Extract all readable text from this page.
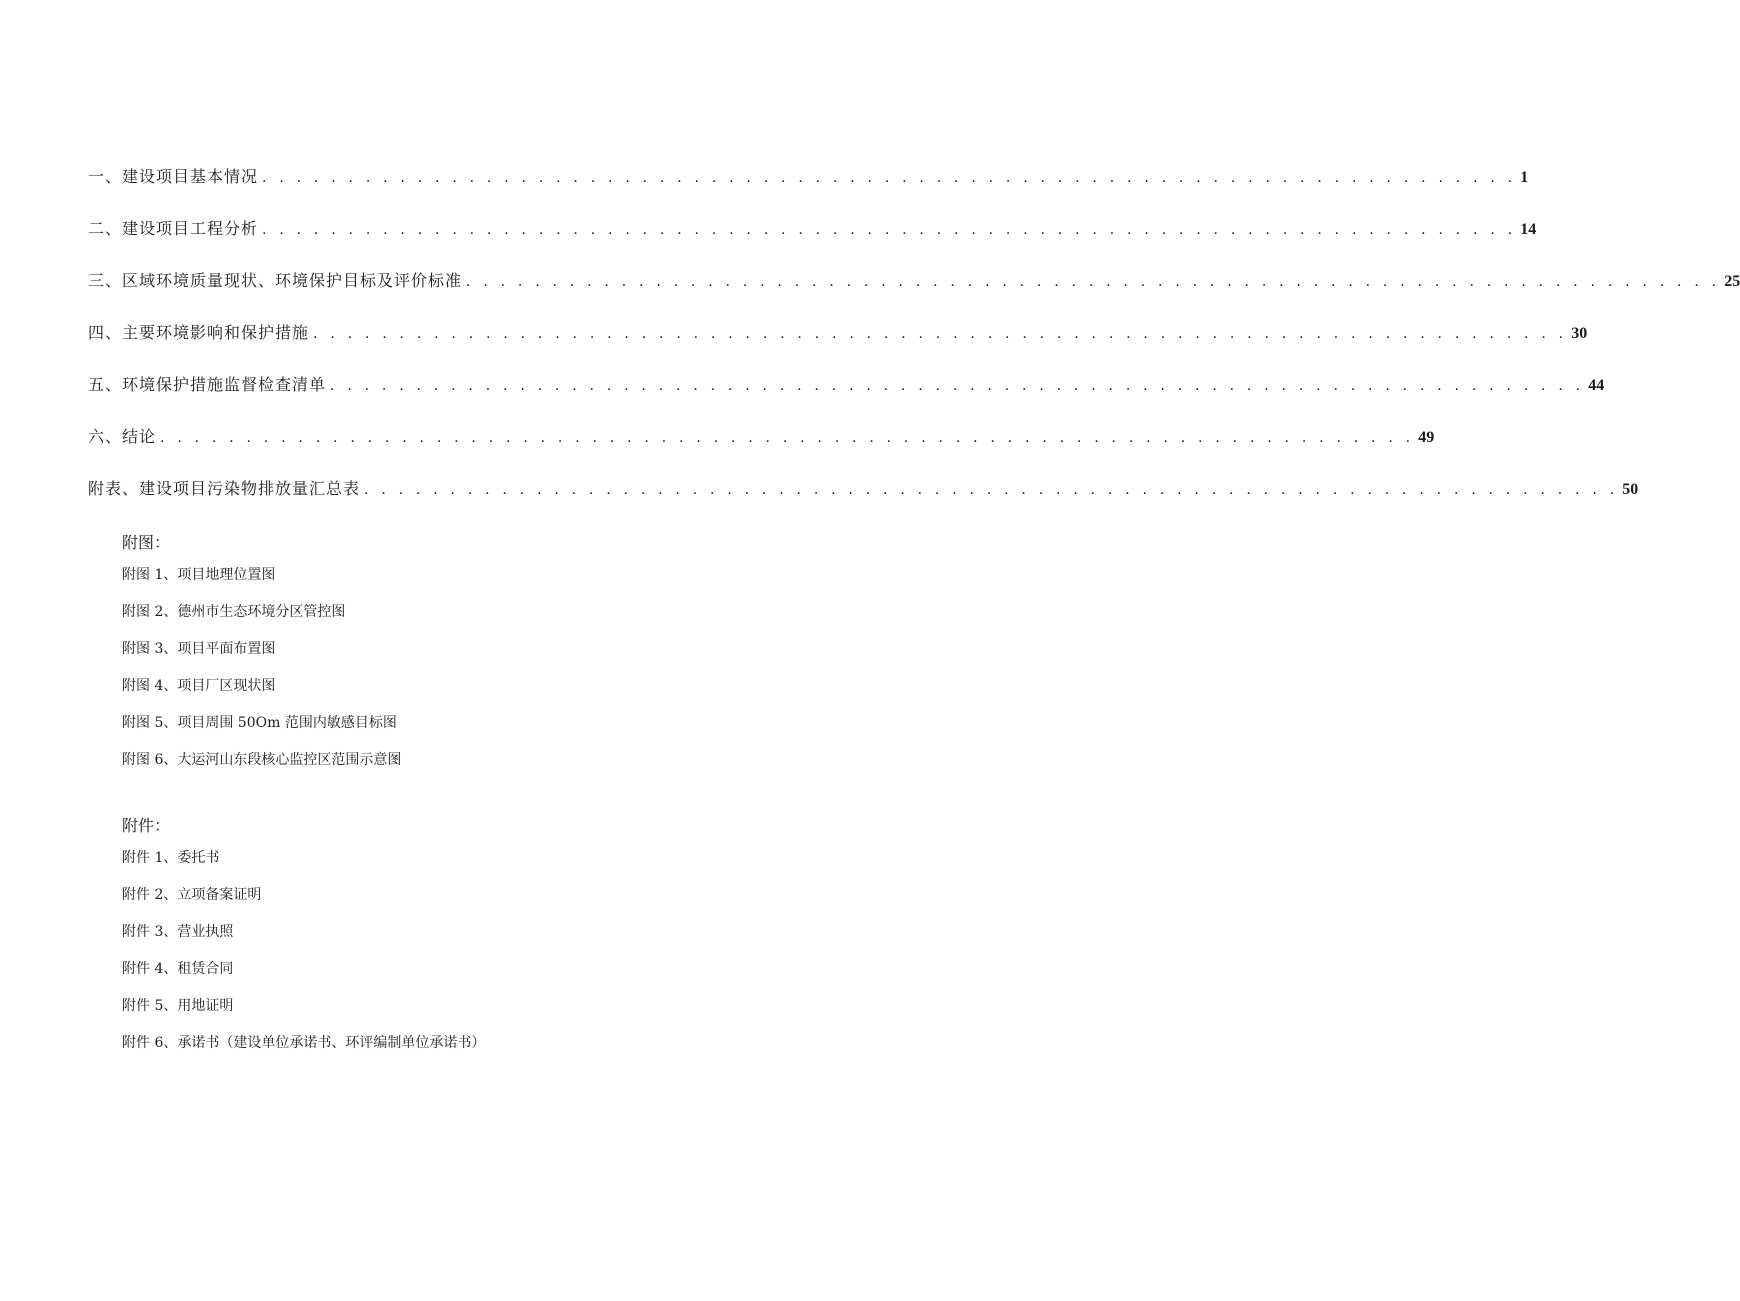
一、建设项目基本情况 . . . . . . . . . . . . . . . . . . . . . . . . . . . . . . . . . . . . . . . . . . . . . . . . . . . . . . . . . . . . . . . . . . . . . . . . . 1
二、建设项目工程分析 . . . . . . . . . . . . . . . . . . . . . . . . . . . . . . . . . . . . . . . . . . . . . . . . . . . . . . . . . . . . . . . . . . . . . . . . . 14
三、区域环境质量现状、环境保护目标及评价标准 . . . . . . . . . . . . . . . . . . . . . . . . . . . . . . . . . . . . . . . . . . . . . . . . . . . . . . . . . . . . . . . . . . . . . . . . . 25
四、主要环境影响和保护措施 . . . . . . . . . . . . . . . . . . . . . . . . . . . . . . . . . . . . . . . . . . . . . . . . . . . . . . . . . . . . . . . . . . . . . . . . . 30
五、环境保护措施监督检查清单 . . . . . . . . . . . . . . . . . . . . . . . . . . . . . . . . . . . . . . . . . . . . . . . . . . . . . . . . . . . . . . . . . . . . . . . . . 44
六、结论 . . . . . . . . . . . . . . . . . . . . . . . . . . . . . . . . . . . . . . . . . . . . . . . . . . . . . . . . . . . . . . . . . . . . . . . . . 49
附表、建设项目污染物排放量汇总表 . . . . . . . . . . . . . . . . . . . . . . . . . . . . . . . . . . . . . . . . . . . . . . . . . . . . . . . . . . . . . . . . . . . . . . . . . 50
附图：
附图 1、项目地理位置图
附图 2、德州市生态环境分区管控图
附图 3、项目平面布置图
附图 4、项目厂区现状图
附图 5、项目周围 50Om 范围内敏感目标图
附图 6、大运河山东段核心监控区范围示意图
附件：
附件 1、委托书
附件 2、立项备案证明
附件 3、营业执照
附件 4、租赁合同
附件 5、用地证明
附件 6、承诺书（建设单位承诺书、环评编制单位承诺书）
